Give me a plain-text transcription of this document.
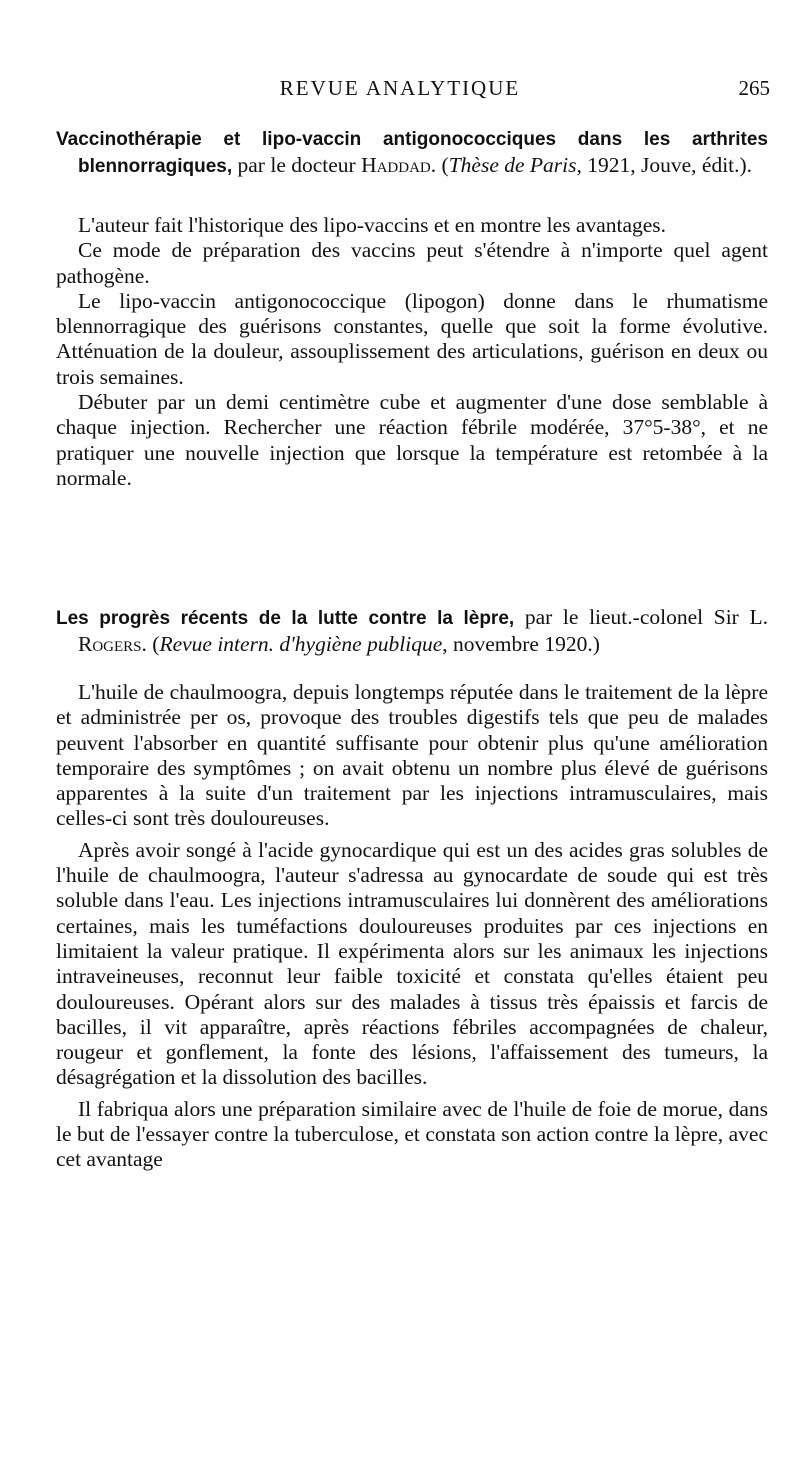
REVUE ANALYTIQUE	265
Vaccinothérapie et lipo-vaccin antigonococciques dans les arthrites blennorragiques, par le docteur Haddad. (Thèse de Paris, 1921, Jouve, édit.).

L'auteur fait l'historique des lipo-vaccins et en montre les avantages.

Ce mode de préparation des vaccins peut s'étendre à n'importe quel agent pathogène.

Le lipo-vaccin antigonococcique (lipogon) donne dans le rhumatisme blennorragique des guérisons constantes, quelle que soit la forme évolutive. Atténuation de la douleur, assouplissement des articulations, guérison en deux ou trois semaines.

Débuter par un demi centimètre cube et augmenter d'une dose semblable à chaque injection. Rechercher une réaction fébrile modérée, 37°5-38°, et ne pratiquer une nouvelle injection que lorsque la température est retombée à la normale.

Les progrès récents de la lutte contre la lèpre, par le lieut.-colonel Sir L. Rogers. (Revue intern. d'hygiène publique, novembre 1920.)

L'huile de chaulmoogra, depuis longtemps réputée dans le traitement de la lèpre et administrée per os, provoque des troubles digestifs tels que peu de malades peuvent l'absorber en quantité suffisante pour obtenir plus qu'une amélioration temporaire des symptômes ; on avait obtenu un nombre plus élevé de guérisons apparentes à la suite d'un traitement par les injections intramusculaires, mais celles-ci sont très douloureuses.

Après avoir songé à l'acide gynocardique qui est un des acides gras solubles de l'huile de chaulmoogra, l'auteur s'adressa au gynocardate de soude qui est très soluble dans l'eau. Les injections intramusculaires lui donnèrent des améliorations certaines, mais les tuméfactions douloureuses produites par ces injections en limitaient la valeur pratique. Il expérimenta alors sur les animaux les injections intraveineuses, reconnut leur faible toxicité et constata qu'elles étaient peu douloureuses. Opérant alors sur des malades à tissus très épaissis et farcis de bacilles, il vit apparaître, après réactions fébriles accompagnées de chaleur, rougeur et gonflement, la fonte des lésions, l'affaissement des tumeurs, la désagrégation et la dissolution des bacilles.

Il fabriqua alors une préparation similaire avec de l'huile de foie de morue, dans le but de l'essayer contre la tuberculose, et constata son action contre la lèpre, avec cet avantage
